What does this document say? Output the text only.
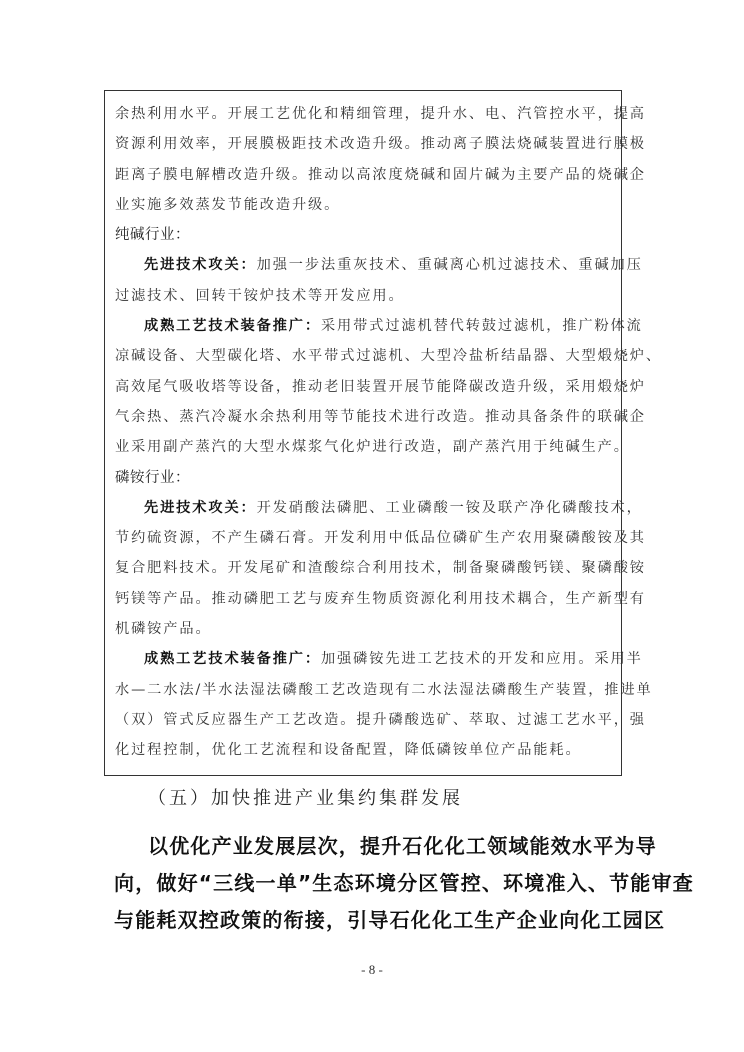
余热利用水平。开展工艺优化和精细管理，提升水、电、汽管控水平，提高
资源利用效率，开展膜极距技术改造升级。推动离子膜法烧碱装置进行膜极
距离子膜电解槽改造升级。推动以高浓度烧碱和固片碱为主要产品的烧碱企
业实施多效蒸发节能改造升级。
纯碱行业：
先进技术攻关：加强一步法重灰技术、重碱离心机过滤技术、重碱加压
过滤技术、回转干铵炉技术等开发应用。
成熟工艺技术装备推广：采用带式过滤机替代转鼓过滤机，推广粉体流
凉碱设备、大型碳化塔、水平带式过滤机、大型冷盐析结晶器、大型煅烧炉、
高效尾气吸收塔等设备，推动老旧装置开展节能降碳改造升级，采用煅烧炉
气余热、蒸汽冷凝水余热利用等节能技术进行改造。推动具备条件的联碱企
业采用副产蒸汽的大型水煤浆气化炉进行改造，副产蒸汽用于纯碱生产。
磷铵行业：
先进技术攻关：开发硝酸法磷肥、工业磷酸一铵及联产净化磷酸技术，
节约硫资源，不产生磷石膏。开发利用中低品位磷矿生产农用聚磷酸铵及其
复合肥料技术。开发尾矿和渣酸综合利用技术，制备聚磷酸钙镁、聚磷酸铵
钙镁等产品。推动磷肥工艺与废弃生物质资源化利用技术耦合，生产新型有
机磷铵产品。
成熟工艺技术装备推广：加强磷铵先进工艺技术的开发和应用。采用半
水—二水法/半水法湿法磷酸工艺改造现有二水法湿法磷酸生产装置，推进单
（双）管式反应器生产工艺改造。提升磷酸选矿、萃取、过滤工艺水平，强
化过程控制，优化工艺流程和设备配置，降低磷铵单位产品能耗。
（五）加快推进产业集约集群发展
以优化产业发展层次，提升石化化工领域能效水平为导
向，做好“三线一单”生态环境分区管控、环境准入、节能审查
与能耗双控政策的衔接，引导石化化工生产企业向化工园区
- 8 -
